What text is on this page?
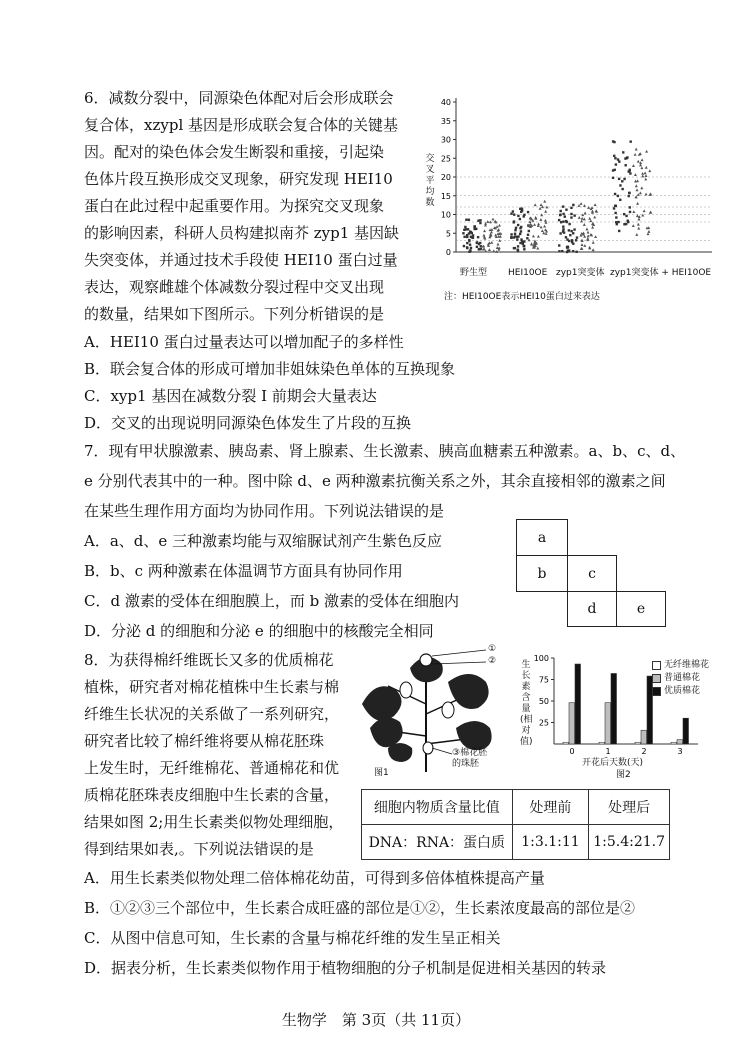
6．减数分裂中，同源染色体配对后会形成联会
复合体，xzypl 基因是形成联会复合体的关键基
因。配对的染色体会发生断裂和重接，引起染
色体片段互换形成交叉现象，研究发现 HEI10
蛋白在此过程中起重要作用。为探究交叉现象
的影响因素，科研人员构建拟南芥 zyp1 基因缺
失突变体，并通过技术手段使 HEI10 蛋白过量
表达，观察雌雄个体减数分裂过程中交叉出现
的数量，结果如下图所示。下列分析错误的是
40
35
30
25
20
15
10
5
0
交叉平均数
野生型 HEI10OE zyp1突变体 zyp1突变体 + HEI10OE
注：HEI10OE表示HEI10蛋白过来表达
A．HEI10 蛋白过量表达可以增加配子的多样性
B．联会复合体的形成可增加非姐妹染色单体的互换现象
C．xyp1 基因在减数分裂 I 前期会大量表达
D．交叉的出现说明同源染色体发生了片段的互换
7．现有甲状腺激素、胰岛素、肾上腺素、生长激素、胰高血糖素五种激素。a、b、c、d、
e 分别代表其中的一种。图中除 d、e 两种激素抗衡关系之外，其余直接相邻的激素之间
在某些生理作用方面均为协同作用。下列说法错误的是
A．a、d、e 三种激素均能与双缩脲试剂产生紫色反应
B．b、c 两种激素在体温调节方面具有协同作用
C．d 激素的受体在细胞膜上，而 b 激素的受体在细胞内
D．分泌 d 的细胞和分泌 e 的细胞中的核酸完全相同
a
b	c
d	e
8．为获得棉纤维既长又多的优质棉花
植株，研究者对棉花植株中生长素与棉
纤维生长状况的关系做了一系列研究，
研究者比较了棉纤维将要从棉花胚珠
上发生时，无纤维棉花、普通棉花和优
质棉花胚珠表皮细胞中生长素的含量，
结果如图 2;用生长素类似物处理细胞，
得到结果如表,。下列说法错误的是
①
②
③棉花胚的珠胚
图1
25
50
75
100
0	1	2	3
生长素含量(相对值)
开花后天数(天)
图2
无纤维棉花
普通棉花
优质棉花
细胞内物质含量比值	处理前	处理后
DNA：RNA：蛋白质	1:3.1:11	1:5.4:21.7
A．用生长素类似物处理二倍体棉花幼苗，可得到多倍体植株提高产量
B．①②③三个部位中，生长素合成旺盛的部位是①②，生长素浓度最高的部位是②
C．从图中信息可知，生长素的含量与棉花纤维的发生呈正相关
D．据表分析，生长素类似物作用于植物细胞的分子机制是促进相关基因的转录
生物学　第 3页（共 11页）
